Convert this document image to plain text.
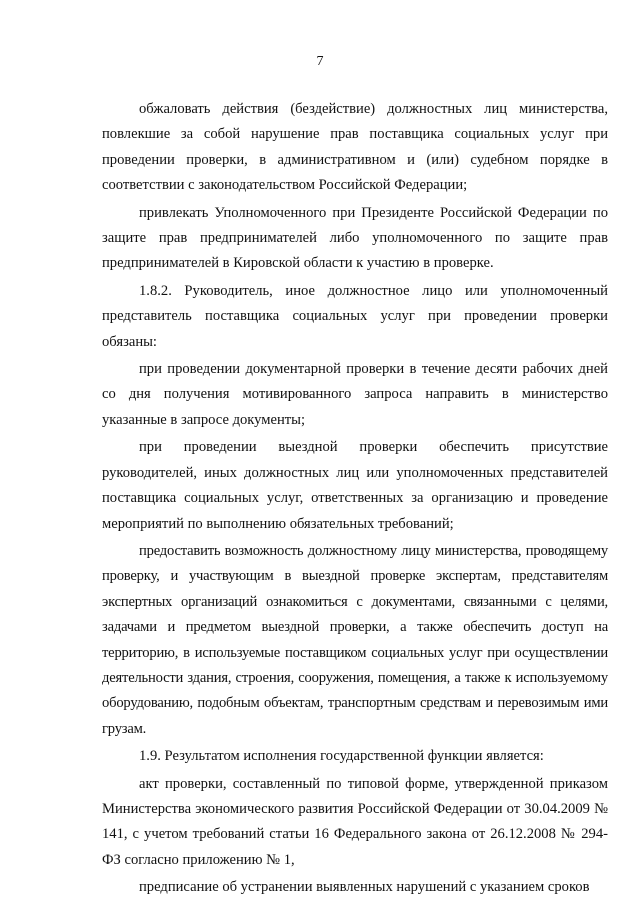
7

обжаловать действия (бездействие) должностных лиц министерства, повлекшие за собой нарушение прав поставщика социальных услуг при проведении проверки, в административном и (или) судебном порядке в соответствии с законодательством Российской Федерации;

привлекать Уполномоченного при Президенте Российской Федерации по защите прав предпринимателей либо уполномоченного по защите прав предпринимателей в Кировской области к участию в проверке.

1.8.2. Руководитель, иное должностное лицо или уполномоченный представитель поставщика социальных услуг при проведении проверки обязаны:

при проведении документарной проверки в течение десяти рабочих дней со дня получения мотивированного запроса направить в министерство указанные в запросе документы;

при проведении выездной проверки обеспечить присутствие руководителей, иных должностных лиц или уполномоченных представителей поставщика социальных услуг, ответственных за организацию и проведение мероприятий по выполнению обязательных требований;

предоставить возможность должностному лицу министерства, проводящему проверку, и участвующим в выездной проверке экспертам, представителям экспертных организаций ознакомиться с документами, связанными с целями, задачами и предметом выездной проверки, а также обеспечить доступ на территорию, в используемые поставщиком социальных услуг при осуществлении деятельности здания, строения, сооружения, помещения, а также к используемому оборудованию, подобным объектам, транспортным средствам и перевозимым ими грузам.

1.9. Результатом исполнения государственной функции является:

акт проверки, составленный по типовой форме, утвержденной приказом Министерства экономического развития Российской Федерации от 30.04.2009 № 141, с учетом требований статьи 16 Федерального закона от 26.12.2008 № 294-ФЗ согласно приложению № 1,

предписание об устранении выявленных нарушений с указанием сроков
